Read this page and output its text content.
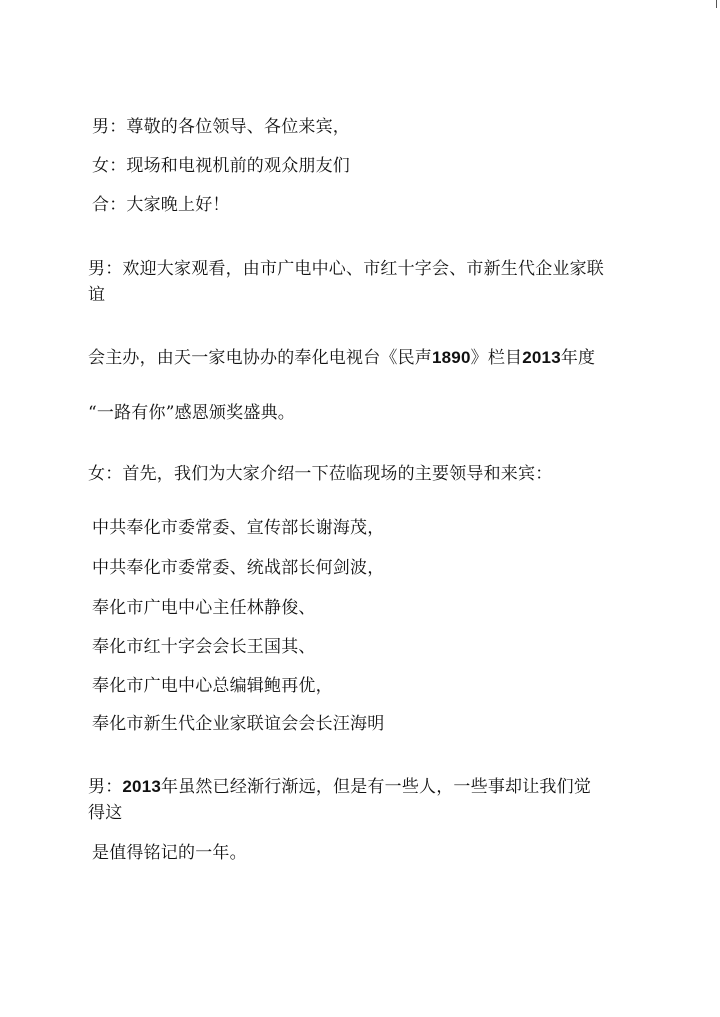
男：尊敬的各位领导、各位来宾，
女：现场和电视机前的观众朋友们
合：大家晚上好！
男：欢迎大家观看，由市广电中心、市红十字会、市新生代企业家联
谊
会主办，由天一家电协办的奉化电视台《民声1890》栏目2013年度
“一路有你”感恩颁奖盛典。
女：首先，我们为大家介绍一下莅临现场的主要领导和来宾：
中共奉化市委常委、宣传部长谢海茂，
中共奉化市委常委、统战部长何剑波，
奉化市广电中心主任林静俊、
奉化市红十字会会长王国其、
奉化市广电中心总编辑鲍再优，
奉化市新生代企业家联谊会会长汪海明
男：2013年虽然已经渐行渐远，但是有一些人，一些事却让我们觉
得这
是值得铭记的一年。
